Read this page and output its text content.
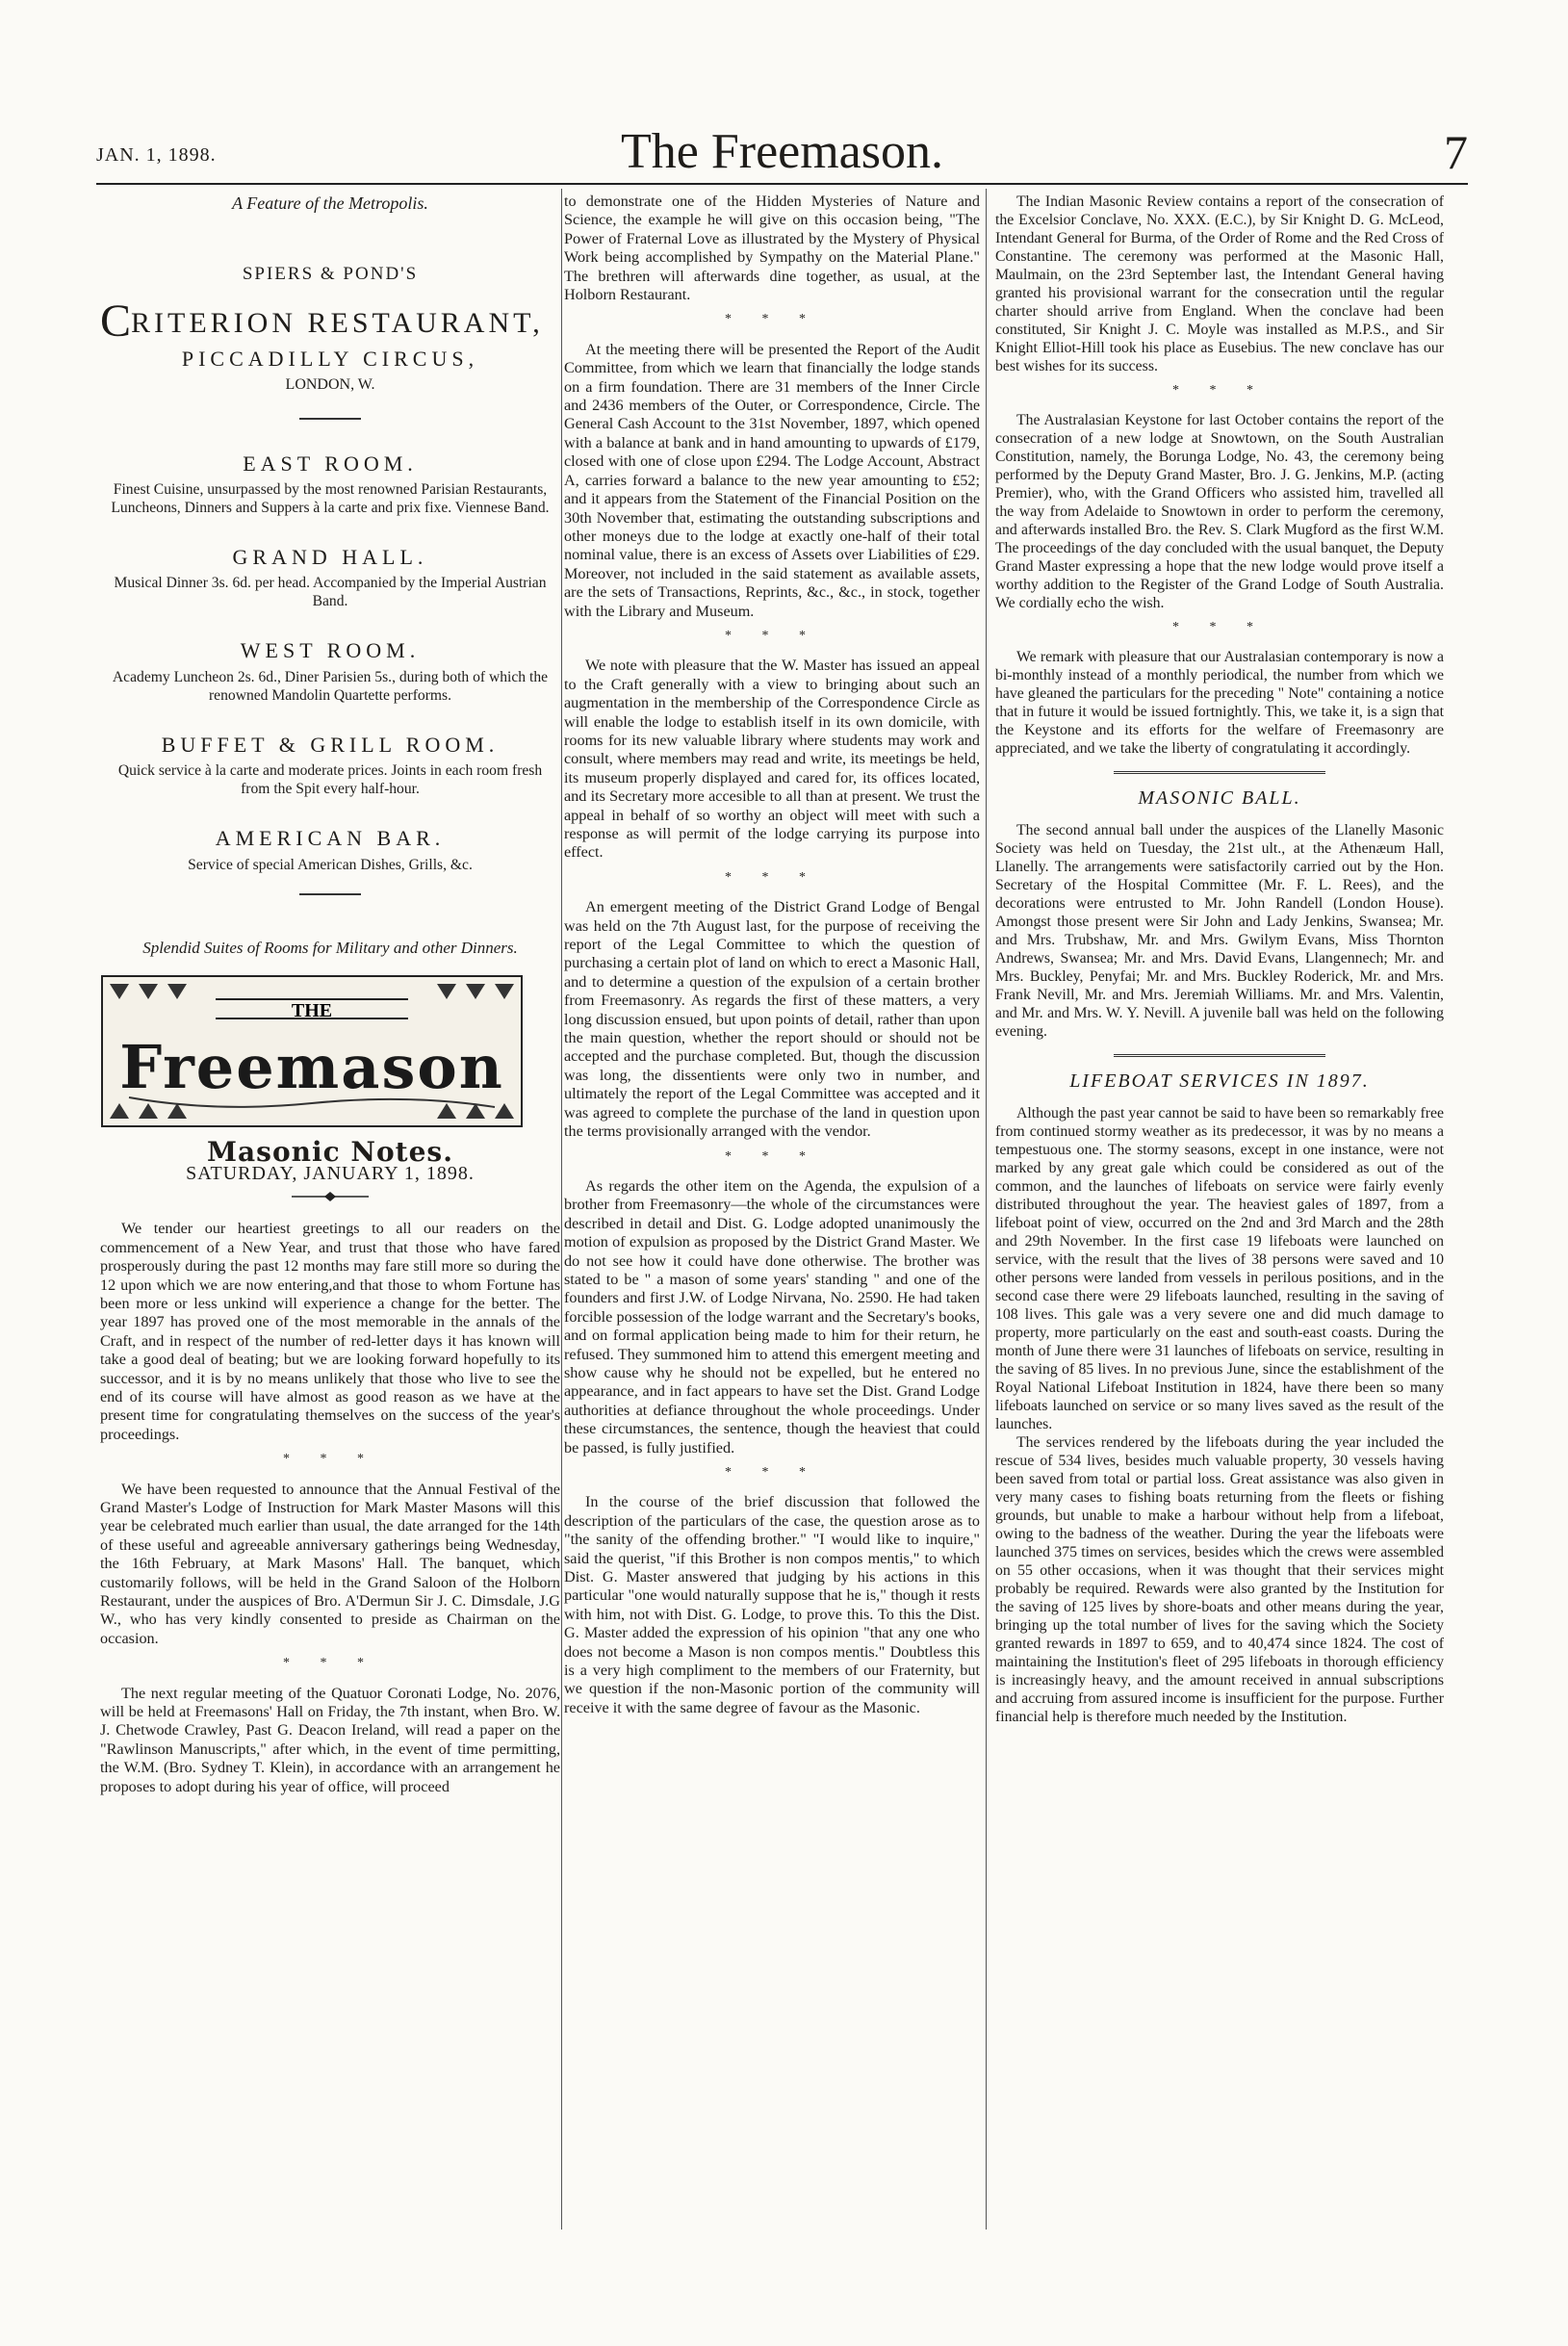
JAN. 1, 1898.	The Freemason.	7
A Feature of the Metropolis.
SPIERS & POND'S
CRITERION RESTAURANT,
PICCADILLY CIRCUS,
LONDON, W.
EAST ROOM.
Finest Cuisine, unsurpassed by the most renowned Parisian Restaurants, Luncheons, Dinners and Suppers à la carte and prix fixe. Viennese Band.
GRAND HALL.
Musical Dinner 3s. 6d. per head. Accompanied by the Imperial Austrian Band.
WEST ROOM.
Academy Luncheon 2s. 6d., Diner Parisien 5s., during both of which the renowned Mandolin Quartette performs.
BUFFET & GRILL ROOM.
Quick service à la carte and moderate prices. Joints in each room fresh from the Spit every half-hour.
AMERICAN BAR.
Service of special American Dishes, Grills, &c.
Splendid Suites of Rooms for Military and other Dinners.
THE
Freemason
Masonic Notes.
SATURDAY, JANUARY 1, 1898.

We tender our heartiest greetings to all our readers on the commencement of a New Year, and trust that those who have fared prosperously during the past 12 months may fare still more so during the 12 upon which we are now entering,and that those to whom Fortune has been more or less unkind will experience a change for the better. The year 1897 has proved one of the most memorable in the annals of the Craft, and in respect of the number of red-letter days it has known will take a good deal of beating; but we are looking forward hopefully to its successor, and it is by no means unlikely that those who live to see the end of its course will have almost as good reason as we have at the present time for congratulating themselves on the success of the year's proceedings.

* * *

We have been requested to announce that the Annual Festival of the Grand Master's Lodge of Instruction for Mark Master Masons will this year be celebrated much earlier than usual, the date arranged for the 14th of these useful and agreeable anniversary gatherings being Wednesday, the 16th February, at Mark Masons' Hall. The banquet, which customarily follows, will be held in the Grand Saloon of the Holborn Restaurant, under the auspices of Bro. A'Dermun Sir J. C. Dimsdale, J.G W., who has very kindly consented to preside as Chairman on the occasion.

* * *

The next regular meeting of the Quatuor Coronati Lodge, No. 2076, will be held at Freemasons' Hall on Friday, the 7th instant, when Bro. W. J. Chetwode Crawley, Past G. Deacon Ireland, will read a paper on the "Rawlinson Manuscripts," after which, in the event of time permitting, the W.M. (Bro. Sydney T. Klein), in accordance with an arrangement he proposes to adopt during his year of office, will proceed

to demonstrate one of the Hidden Mysteries of Nature and Science, the example he will give on this occasion being, "The Power of Fraternal Love as illustrated by the Mystery of Physical Work being accomplished by Sympathy on the Material Plane." The brethren will afterwards dine together, as usual, at the Holborn Restaurant.

* * *

At the meeting there will be presented the Report of the Audit Committee, from which we learn that financially the lodge stands on a firm foundation. There are 31 members of the Inner Circle and 2436 members of the Outer, or Correspondence, Circle. The General Cash Account to the 31st November, 1897, which opened with a balance at bank and in hand amounting to upwards of £179, closed with one of close upon £294. The Lodge Account, Abstract A, carries forward a balance to the new year amounting to £52; and it appears from the Statement of the Financial Position on the 30th November that, estimating the outstanding subscriptions and other moneys due to the lodge at exactly one-half of their total nominal value, there is an excess of Assets over Liabilities of £29. Moreover, not included in the said statement as available assets, are the sets of Transactions, Reprints, &c., &c., in stock, together with the Library and Museum.

* * *

We note with pleasure that the W. Master has issued an appeal to the Craft generally with a view to bringing about such an augmentation in the membership of the Correspondence Circle as will enable the lodge to establish itself in its own domicile, with rooms for its new valuable library where students may work and consult, where members may read and write, its meetings be held, its museum properly displayed and cared for, its offices located, and its Secretary more accesible to all than at present. We trust the appeal in behalf of so worthy an object will meet with such a response as will permit of the lodge carrying its purpose into effect.

* * *

An emergent meeting of the District Grand Lodge of Bengal was held on the 7th August last, for the purpose of receiving the report of the Legal Committee to which the question of purchasing a certain plot of land on which to erect a Masonic Hall, and to determine a question of the expulsion of a certain brother from Freemasonry. As regards the first of these matters, a very long discussion ensued, but upon points of detail, rather than upon the main question, whether the report should or should not be accepted and the purchase completed. But, though the discussion was long, the dissentients were only two in number, and ultimately the report of the Legal Committee was accepted and it was agreed to complete the purchase of the land in question upon the terms provisionally arranged with the vendor.

* * *

As regards the other item on the Agenda, the expulsion of a brother from Freemasonry—the whole of the circumstances were described in detail and Dist. G. Lodge adopted unanimously the motion of expulsion as proposed by the District Grand Master. We do not see how it could have done otherwise. The brother was stated to be " a mason of some years' standing " and one of the founders and first J.W. of Lodge Nirvana, No. 2590. He had taken forcible possession of the lodge warrant and the Secretary's books, and on formal application being made to him for their return, he refused. They summoned him to attend this emergent meeting and show cause why he should not be expelled, but he entered no appearance, and in fact appears to have set the Dist. Grand Lodge authorities at defiance throughout the whole proceedings. Under these circumstances, the sentence, though the heaviest that could be passed, is fully justified.

* * *

In the course of the brief discussion that followed the description of the particulars of the case, the question arose as to "the sanity of the offending brother." "I would like to inquire," said the querist, "if this Brother is non compos mentis," to which Dist. G. Master answered that judging by his actions in this particular "one would naturally suppose that he is," though it rests with him, not with Dist. G. Lodge, to prove this. To this the Dist. G. Master added the expression of his opinion "that any one who does not become a Mason is non compos mentis." Doubtless this is a very high compliment to the members of our Fraternity, but we question if the non-Masonic portion of the community will receive it with the same degree of favour as the Masonic.

The Indian Masonic Review contains a report of the consecration of the Excelsior Conclave, No. XXX. (E.C.), by Sir Knight D. G. McLeod, Intendant General for Burma, of the Order of Rome and the Red Cross of Constantine. The ceremony was performed at the Masonic Hall, Maulmain, on the 23rd September last, the Intendant General having granted his provisional warrant for the consecration until the regular charter should arrive from England. When the conclave had been constituted, Sir Knight J. C. Moyle was installed as M.P.S., and Sir Knight Elliot-Hill took his place as Eusebius. The new conclave has our best wishes for its success.

* * *

The Australasian Keystone for last October contains the report of the consecration of a new lodge at Snowtown, on the South Australian Constitution, namely, the Borunga Lodge, No. 43, the ceremony being performed by the Deputy Grand Master, Bro. J. G. Jenkins, M.P. (acting Premier), who, with the Grand Officers who assisted him, travelled all the way from Adelaide to Snowtown in order to perform the ceremony, and afterwards installed Bro. the Rev. S. Clark Mugford as the first W.M. The proceedings of the day concluded with the usual banquet, the Deputy Grand Master expressing a hope that the new lodge would prove itself a worthy addition to the Register of the Grand Lodge of South Australia. We cordially echo the wish.

* * *

We remark with pleasure that our Australasian contemporary is now a bi-monthly instead of a monthly periodical, the number from which we have gleaned the particulars for the preceding " Note" containing a notice that in future it would be issued fortnightly. This, we take it, is a sign that the Keystone and its efforts for the welfare of Freemasonry are appreciated, and we take the liberty of congratulating it accordingly.

MASONIC BALL.

The second annual ball under the auspices of the Llanelly Masonic Society was held on Tuesday, the 21st ult., at the Athenæum Hall, Llanelly. The arrangements were satisfactorily carried out by the Hon. Secretary of the Hospital Committee (Mr. F. L. Rees), and the decorations were entrusted to Mr. John Randell (London House). Amongst those present were Sir John and Lady Jenkins, Swansea; Mr. and Mrs. Trubshaw, Mr. and Mrs. Gwilym Evans, Miss Thornton Andrews, Swansea; Mr. and Mrs. David Evans, Llangennech; Mr. and Mrs. Buckley, Penyfai; Mr. and Mrs. Buckley Roderick, Mr. and Mrs. Frank Nevill, Mr. and Mrs. Jeremiah Williams. Mr. and Mrs. Valentin, and Mr. and Mrs. W. Y. Nevill. A juvenile ball was held on the following evening.

LIFEBOAT SERVICES IN 1897.

Although the past year cannot be said to have been so remarkably free from continued stormy weather as its predecessor, it was by no means a tempestuous one. The stormy seasons, except in one instance, were not marked by any great gale which could be considered as out of the common, and the launches of lifeboats on service were fairly evenly distributed throughout the year. The heaviest gales of 1897, from a lifeboat point of view, occurred on the 2nd and 3rd March and the 28th and 29th November. In the first case 19 lifeboats were launched on service, with the result that the lives of 38 persons were saved and 10 other persons were landed from vessels in perilous positions, and in the second case there were 29 lifeboats launched, resulting in the saving of 108 lives. This gale was a very severe one and did much damage to property, more particularly on the east and south-east coasts. During the month of June there were 31 launches of lifeboats on service, resulting in the saving of 85 lives. In no previous June, since the establishment of the Royal National Lifeboat Institution in 1824, have there been so many lifeboats launched on service or so many lives saved as the result of the launches.

The services rendered by the lifeboats during the year included the rescue of 534 lives, besides much valuable property, 30 vessels having been saved from total or partial loss. Great assistance was also given in very many cases to fishing boats returning from the fleets or fishing grounds, but unable to make a harbour without help from a lifeboat, owing to the badness of the weather. During the year the lifeboats were launched 375 times on services, besides which the crews were assembled on 55 other occasions, when it was thought that their services might probably be required. Rewards were also granted by the Institution for the saving of 125 lives by shore-boats and other means during the year, bringing up the total number of lives for the saving which the Society granted rewards in 1897 to 659, and to 40,474 since 1824. The cost of maintaining the Institution's fleet of 295 lifeboats in thorough efficiency is increasingly heavy, and the amount received in annual subscriptions and accruing from assured income is insufficient for the purpose. Further financial help is therefore much needed by the Institution.
